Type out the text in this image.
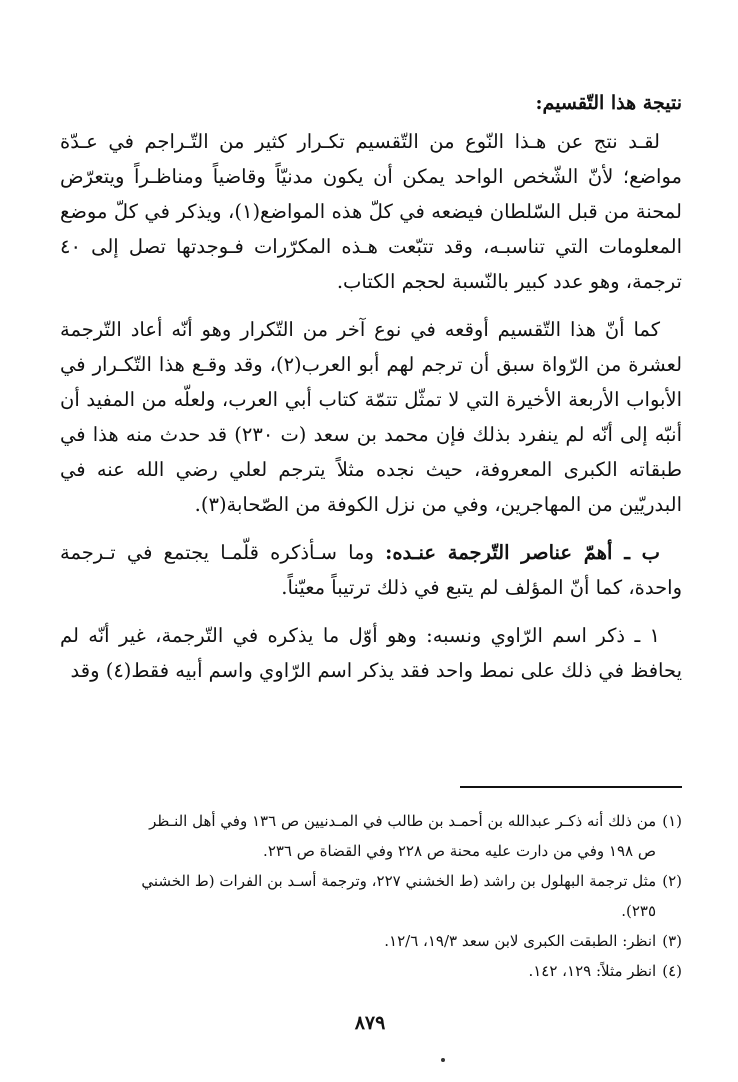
نتيجة هذا التّقسيم:

لقـد نتج عن هـذا النّوع من التّقسيم تكـرار كثير من التّـراجم في عـدّة مواضع؛ لأنّ الشّخص الواحد يمكن أن يكون مدنيّاً وقاضياً ومناظـراً ويتعرّض لمحنة من قبل السّلطان فيضعه في كلّ هذه المواضع(١)، ويذكر في كلّ موضع المعلومات التي تناسبـه، وقد تتبّعت هـذه المكرّرات فـوجدتها تصل إلى ٤٠ ترجمة، وهو عدد كبير بالنّسبة لحجم الكتاب.

كما أنّ هذا التّقسيم أوقعه في نوع آخر من التّكرار وهو أنّه أعاد التّرجمة لعشرة من الرّواة سبق أن ترجم لهم أبو العرب(٢)، وقد وقـع هذا التّكـرار في الأبواب الأربعة الأخيرة التي لا تمثّل تتمّة كتاب أبي العرب، ولعلّه من المفيد أن أنبّه إلى أنّه لم ينفرد بذلك فإن محمد بن سعد (ت ٢٣٠) قد حدث منه هذا في طبقاته الكبرى المعروفة، حيث نجده مثلاً يترجم لعلي رضي الله عنه في البدريّين من المهاجرين، وفي من نزل الكوفة من الصّحابة(٣).

ب ـ أهمّ عناصر التّرجمة عنـده: وما سـأذكره قلّمـا يجتمع في تـرجمة واحدة، كما أنّ المؤلف لم يتبع في ذلك ترتيباً معيّناً.

١ ـ ذكر اسم الرّاوي ونسبه: وهو أوّل ما يذكره في التّرجمة، غير أنّه لم يحافظ في ذلك على نمط واحد فقد يذكر اسم الرّاوي واسم أبيه فقط(٤) وقد

(١)من ذلك أنه ذكـر عبدالله بن أحمـد بن طالب في المـدنيين ص ١٣٦ وفي أهل النـظر

ص ١٩٨ وفي من دارت عليه محنة ص ٢٢٨ وفي القضاة ص ٢٣٦.

(٢)مثل ترجمة البهلول بن راشد (ط الخشني ٢٢٧، وترجمة أسـد بن الفرات (ط الخشني

٢٣٥).

(٣)انظر: الطبقت الكبرى لابن سعد ١٩/٣، ١٢/٦.

(٤)انظر مثلاً: ١٢٩، ١٤٢.

٨٧٩
